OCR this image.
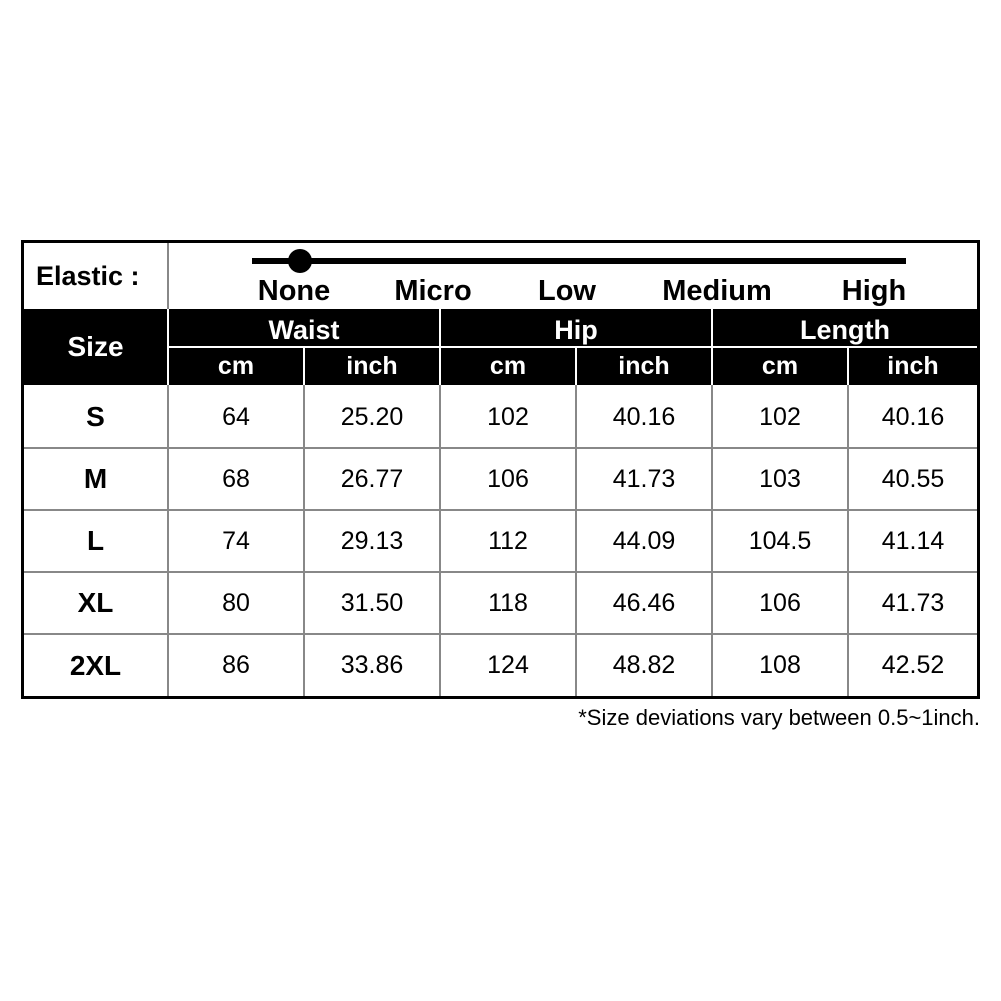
Elastic :	None Micro Low Medium High
Size
Waist	Hip	Length
cm	inch	cm	inch	cm	inch
S	64	25.20	102	40.16	102	40.16
M	68	26.77	106	41.73	103	40.55
L	74	29.13	112	44.09	104.5	41.14
XL	80	31.50	118	46.46	106	41.73
2XL	86	33.86	124	48.82	108	42.52
*Size deviations vary between 0.5~1inch.
